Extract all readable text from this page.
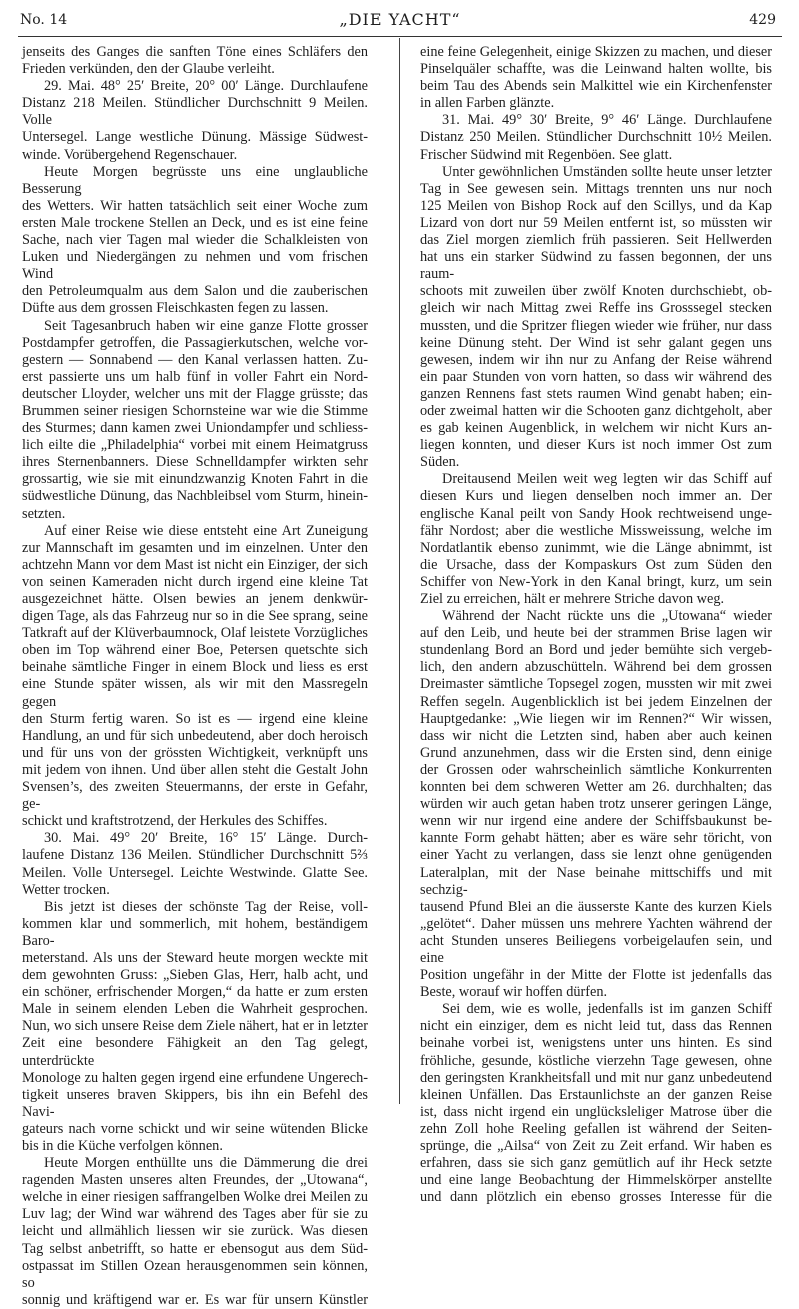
No. 14	„DIE YACHT“	429

jenseits des Ganges die sanften Töne eines Schläfers den

Frieden verkünden, den der Glaube verleiht.

29. Mai. 48° 25′ Breite, 20° 00′ Länge. Durchlaufene

Distanz 218 Meilen. Stündlicher Durchschnitt 9 Meilen. Volle

Untersegel. Lange westliche Dünung. Mässige Südwest-

winde. Vorübergehend Regenschauer.

Heute Morgen begrüsste uns eine unglaubliche Besserung

des Wetters. Wir hatten tatsächlich seit einer Woche zum

ersten Male trockene Stellen an Deck, und es ist eine feine

Sache, nach vier Tagen mal wieder die Schalkleisten von

Luken und Niedergängen zu nehmen und vom frischen Wind

den Petroleumqualm aus dem Salon und die zauberischen

Düfte aus dem grossen Fleischkasten fegen zu lassen.

Seit Tagesanbruch haben wir eine ganze Flotte grosser

Postdampfer getroffen, die Passagierkutschen, welche vor-

gestern — Sonnabend — den Kanal verlassen hatten. Zu-

erst passierte uns um halb fünf in voller Fahrt ein Nord-

deutscher Lloyder, welcher uns mit der Flagge grüsste; das

Brummen seiner riesigen Schornsteine war wie die Stimme

des Sturmes; dann kamen zwei Uniondampfer und schliess-

lich eilte die „Philadelphia“ vorbei mit einem Heimatgruss

ihres Sternenbanners. Diese Schnelldampfer wirkten sehr

grossartig, wie sie mit einundzwanzig Knoten Fahrt in die

südwestliche Dünung, das Nachbleibsel vom Sturm, hinein-

setzten.

Auf einer Reise wie diese entsteht eine Art Zuneigung

zur Mannschaft im gesamten und im einzelnen. Unter den

achtzehn Mann vor dem Mast ist nicht ein Einziger, der sich

von seinen Kameraden nicht durch irgend eine kleine Tat

ausgezeichnet hätte. Olsen bewies an jenem denkwür-

digen Tage, als das Fahrzeug nur so in die See sprang, seine

Tatkraft auf der Klüverbaumnock, Olaf leistete Vorzügliches

oben im Top während einer Boe, Petersen quetschte sich

beinahe sämtliche Finger in einem Block und liess es erst

eine Stunde später wissen, als wir mit den Massregeln gegen

den Sturm fertig waren. So ist es — irgend eine kleine

Handlung, an und für sich unbedeutend, aber doch heroisch

und für uns von der grössten Wichtigkeit, verknüpft uns

mit jedem von ihnen. Und über allen steht die Gestalt John

Svensen’s, des zweiten Steuermanns, der erste in Gefahr, ge-

schickt und kraftstrotzend, der Herkules des Schiffes.

30. Mai. 49° 20′ Breite, 16° 15′ Länge. Durch-

laufene Distanz 136 Meilen. Stündlicher Durchschnitt 5⅔

Meilen. Volle Untersegel. Leichte Westwinde. Glatte See.

Wetter trocken.

Bis jetzt ist dieses der schönste Tag der Reise, voll-

kommen klar und sommerlich, mit hohem, beständigem Baro-

meterstand. Als uns der Steward heute morgen weckte mit

dem gewohnten Gruss: „Sieben Glas, Herr, halb acht, und

ein schöner, erfrischender Morgen,“ da hatte er zum ersten

Male in seinem elenden Leben die Wahrheit gesprochen.

Nun, wo sich unsere Reise dem Ziele nähert, hat er in letzter

Zeit eine besondere Fähigkeit an den Tag gelegt, unterdrückte

Monologe zu halten gegen irgend eine erfundene Ungerech-

tigkeit unseres braven Skippers, bis ihn ein Befehl des Navi-

gateurs nach vorne schickt und wir seine wütenden Blicke

bis in die Küche verfolgen können.

Heute Morgen enthüllte uns die Dämmerung die drei

ragenden Masten unseres alten Freundes, der „Utowana“,

welche in einer riesigen saffrangelben Wolke drei Meilen zu

Luv lag; der Wind war während des Tages aber für sie zu

leicht und allmählich liessen wir sie zurück. Was diesen

Tag selbst anbetrifft, so hatte er ebensogut aus dem Süd-

ostpassat im Stillen Ozean herausgenommen sein können, so

sonnig und kräftigend war er. Es war für unsern Künstler

eine feine Gelegenheit, einige Skizzen zu machen, und dieser

Pinselquäler schaffte, was die Leinwand halten wollte, bis

beim Tau des Abends sein Malkittel wie ein Kirchenfenster

in allen Farben glänzte.

31. Mai. 49° 30′ Breite, 9° 46′ Länge. Durchlaufene

Distanz 250 Meilen. Stündlicher Durchschnitt 10½ Meilen.

Frischer Südwind mit Regenböen. See glatt.

Unter gewöhnlichen Umständen sollte heute unser letzter

Tag in See gewesen sein. Mittags trennten uns nur noch

125 Meilen von Bishop Rock auf den Scillys, und da Kap

Lizard von dort nur 59 Meilen entfernt ist, so müssten wir

das Ziel morgen ziemlich früh passieren. Seit Hellwerden

hat uns ein starker Südwind zu fassen begonnen, der uns raum-

schoots mit zuweilen über zwölf Knoten durchschiebt, ob-

gleich wir nach Mittag zwei Reffe ins Grosssegel stecken

mussten, und die Spritzer fliegen wieder wie früher, nur dass

keine Dünung steht. Der Wind ist sehr galant gegen uns

gewesen, indem wir ihn nur zu Anfang der Reise während

ein paar Stunden von vorn hatten, so dass wir während des

ganzen Rennens fast stets raumen Wind genabt haben; ein-

oder zweimal hatten wir die Schooten ganz dichtgeholt, aber

es gab keinen Augenblick, in welchem wir nicht Kurs an-

liegen konnten, und dieser Kurs ist noch immer Ost zum

Süden.

Dreitausend Meilen weit weg legten wir das Schiff auf

diesen Kurs und liegen denselben noch immer an. Der

englische Kanal peilt von Sandy Hook rechtweisend unge-

fähr Nordost; aber die westliche Missweissung, welche im

Nordatlantik ebenso zunimmt, wie die Länge abnimmt, ist

die Ursache, dass der Kompaskurs Ost zum Süden den

Schiffer von New-York in den Kanal bringt, kurz, um sein

Ziel zu erreichen, hält er mehrere Striche davon weg.

Während der Nacht rückte uns die „Utowana“ wieder

auf den Leib, und heute bei der strammen Brise lagen wir

stundenlang Bord an Bord und jeder bemühte sich vergeb-

lich, den andern abzuschütteln. Während bei dem grossen

Dreimaster sämtliche Topsegel zogen, mussten wir mit zwei

Reffen segeln. Augenblicklich ist bei jedem Einzelnen der

Hauptgedanke: „Wie liegen wir im Rennen?“ Wir wissen,

dass wir nicht die Letzten sind, haben aber auch keinen

Grund anzunehmen, dass wir die Ersten sind, denn einige

der Grossen oder wahrscheinlich sämtliche Konkurrenten

konnten bei dem schweren Wetter am 26. durchhalten; das

würden wir auch getan haben trotz unserer geringen Länge,

wenn wir nur irgend eine andere der Schiffsbaukunst be-

kannte Form gehabt hätten; aber es wäre sehr töricht, von

einer Yacht zu verlangen, dass sie lenzt ohne genügenden

Lateralplan, mit der Nase beinahe mittschiffs und mit sechzig-

tausend Pfund Blei an die äusserste Kante des kurzen Kiels

„gelötet“. Daher müssen uns mehrere Yachten während der

acht Stunden unseres Beiliegens vorbeigelaufen sein, und eine

Position ungefähr in der Mitte der Flotte ist jedenfalls das

Beste, worauf wir hoffen dürfen.

Sei dem, wie es wolle, jedenfalls ist im ganzen Schiff

nicht ein einziger, dem es nicht leid tut, dass das Rennen

beinahe vorbei ist, wenigstens unter uns hinten. Es sind

fröhliche, gesunde, köstliche vierzehn Tage gewesen, ohne

den geringsten Krankheitsfall und mit nur ganz unbedeutend

kleinen Unfällen. Das Erstaunlichste an der ganzen Reise

ist, dass nicht irgend ein unglücksleliger Matrose über die

zehn Zoll hohe Reeling gefallen ist während der Seiten-

sprünge, die „Ailsa“ von Zeit zu Zeit erfand. Wir haben es

erfahren, dass sie sich ganz gemütlich auf ihr Heck setzte

und eine lange Beobachtung der Himmelskörper anstellte

und dann plötzlich ein ebenso grosses Interesse für die
